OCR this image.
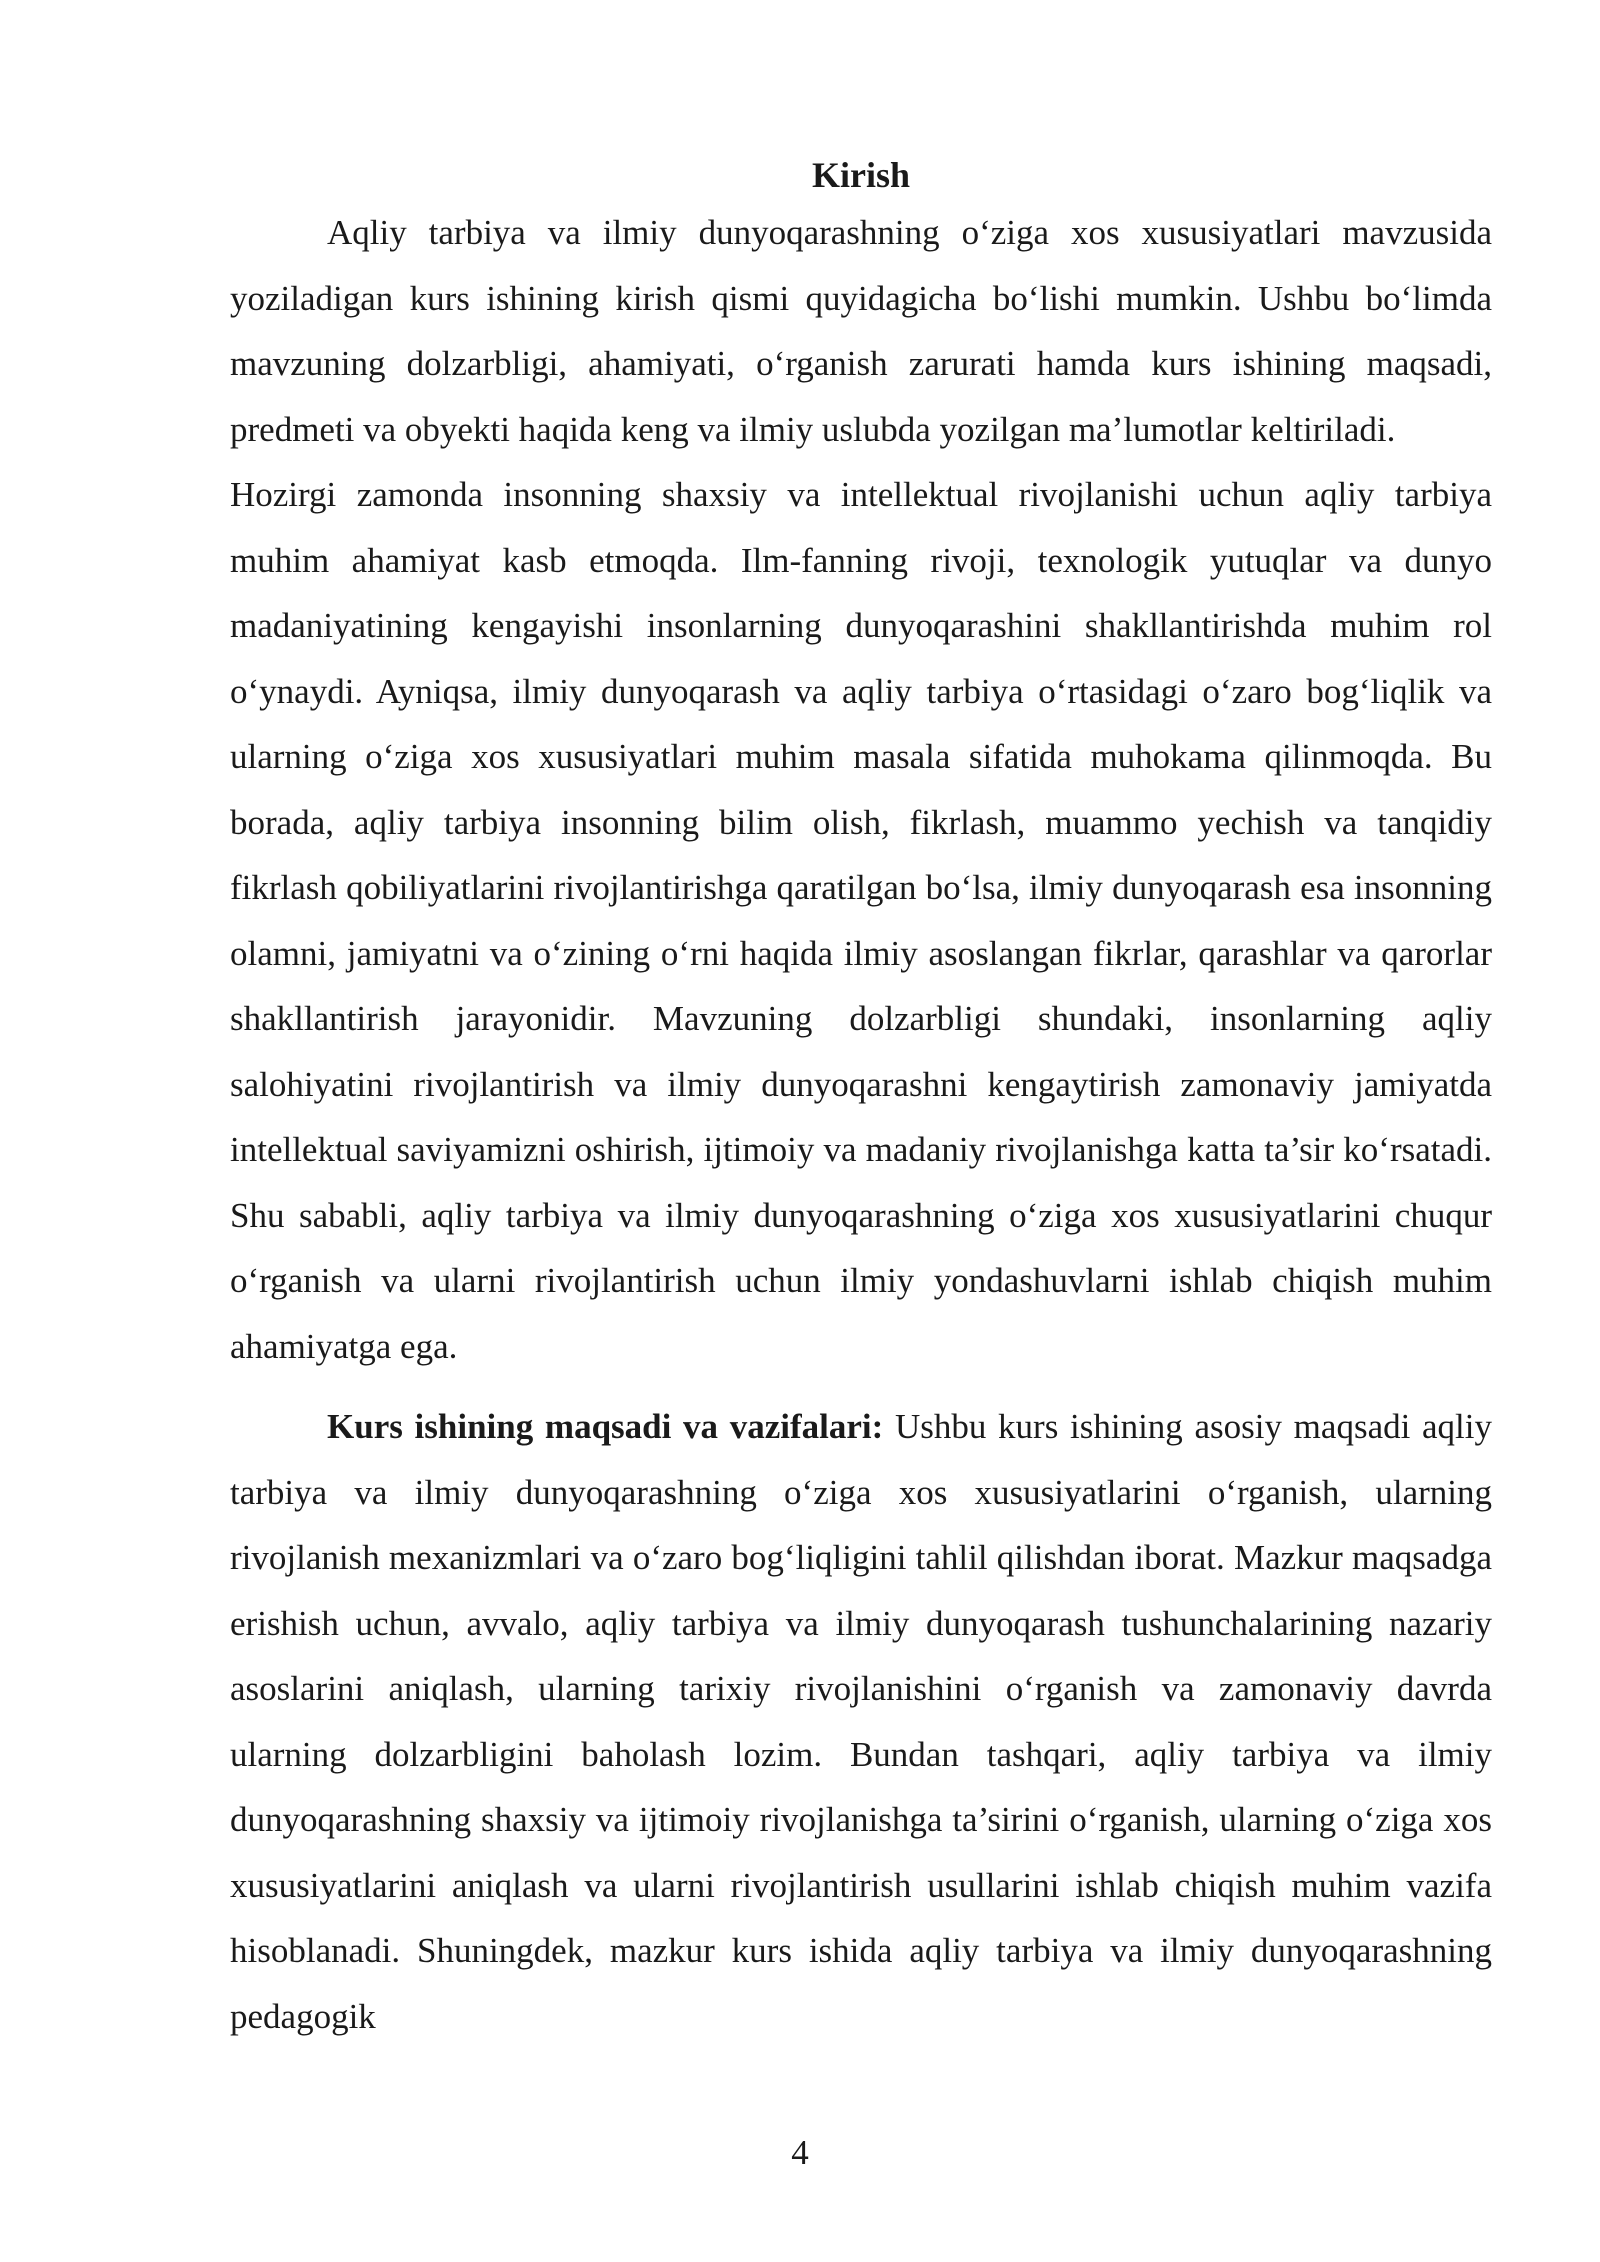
Kirish

Aqliy tarbiya va ilmiy dunyoqarashning o‘ziga xos xususiyatlari mavzusida yoziladigan kurs ishining kirish qismi quyidagicha bo‘lishi mumkin. Ushbu bo‘limda mavzuning dolzarbligi, ahamiyati, o‘rganish zarurati hamda kurs ishining maqsadi, predmeti va obyekti haqida keng va ilmiy uslubda yozilgan ma’lumotlar keltiriladi.

Hozirgi zamonda insonning shaxsiy va intellektual rivojlanishi uchun aqliy tarbiya muhim ahamiyat kasb etmoqda. Ilm-fanning rivoji, texnologik yutuqlar va dunyo madaniyatining kengayishi insonlarning dunyoqarashini shakllantirishda muhim rol o‘ynaydi. Ayniqsa, ilmiy dunyoqarash va aqliy tarbiya o‘rtasidagi o‘zaro bog‘liqlik va ularning o‘ziga xos xususiyatlari muhim masala sifatida muhokama qilinmoqda. Bu borada, aqliy tarbiya insonning bilim olish, fikrlash, muammo yechish va tanqidiy fikrlash qobiliyatlarini rivojlantirishga qaratilgan bo‘lsa, ilmiy dunyoqarash esa insonning olamni, jamiyatni va o‘zining o‘rni haqida ilmiy asoslangan fikrlar, qarashlar va qarorlar shakllantirish jarayonidir. Mavzuning dolzarbligi shundaki, insonlarning aqliy salohiyatini rivojlantirish va ilmiy dunyoqarashni kengaytirish zamonaviy jamiyatda intellektual saviyamizni oshirish, ijtimoiy va madaniy rivojlanishga katta ta’sir ko‘rsatadi. Shu sababli, aqliy tarbiya va ilmiy dunyoqarashning o‘ziga xos xususiyatlarini chuqur o‘rganish va ularni rivojlantirish uchun ilmiy yondashuvlarni ishlab chiqish muhim ahamiyatga ega.

Kurs ishining maqsadi va vazifalari: Ushbu kurs ishining asosiy maqsadi aqliy tarbiya va ilmiy dunyoqarashning o‘ziga xos xususiyatlarini o‘rganish, ularning rivojlanish mexanizmlari va o‘zaro bog‘liqligini tahlil qilishdan iborat. Mazkur maqsadga erishish uchun, avvalo, aqliy tarbiya va ilmiy dunyoqarash tushunchalarining nazariy asoslarini aniqlash, ularning tarixiy rivojlanishini o‘rganish va zamonaviy davrda ularning dolzarbligini baholash lozim. Bundan tashqari, aqliy tarbiya va ilmiy dunyoqarashning shaxsiy va ijtimoiy rivojlanishga ta’sirini o‘rganish, ularning o‘ziga xos xususiyatlarini aniqlash va ularni rivojlantirish usullarini ishlab chiqish muhim vazifa hisoblanadi. Shuningdek, mazkur kurs ishida aqliy tarbiya va ilmiy dunyoqarashning pedagogik

4
